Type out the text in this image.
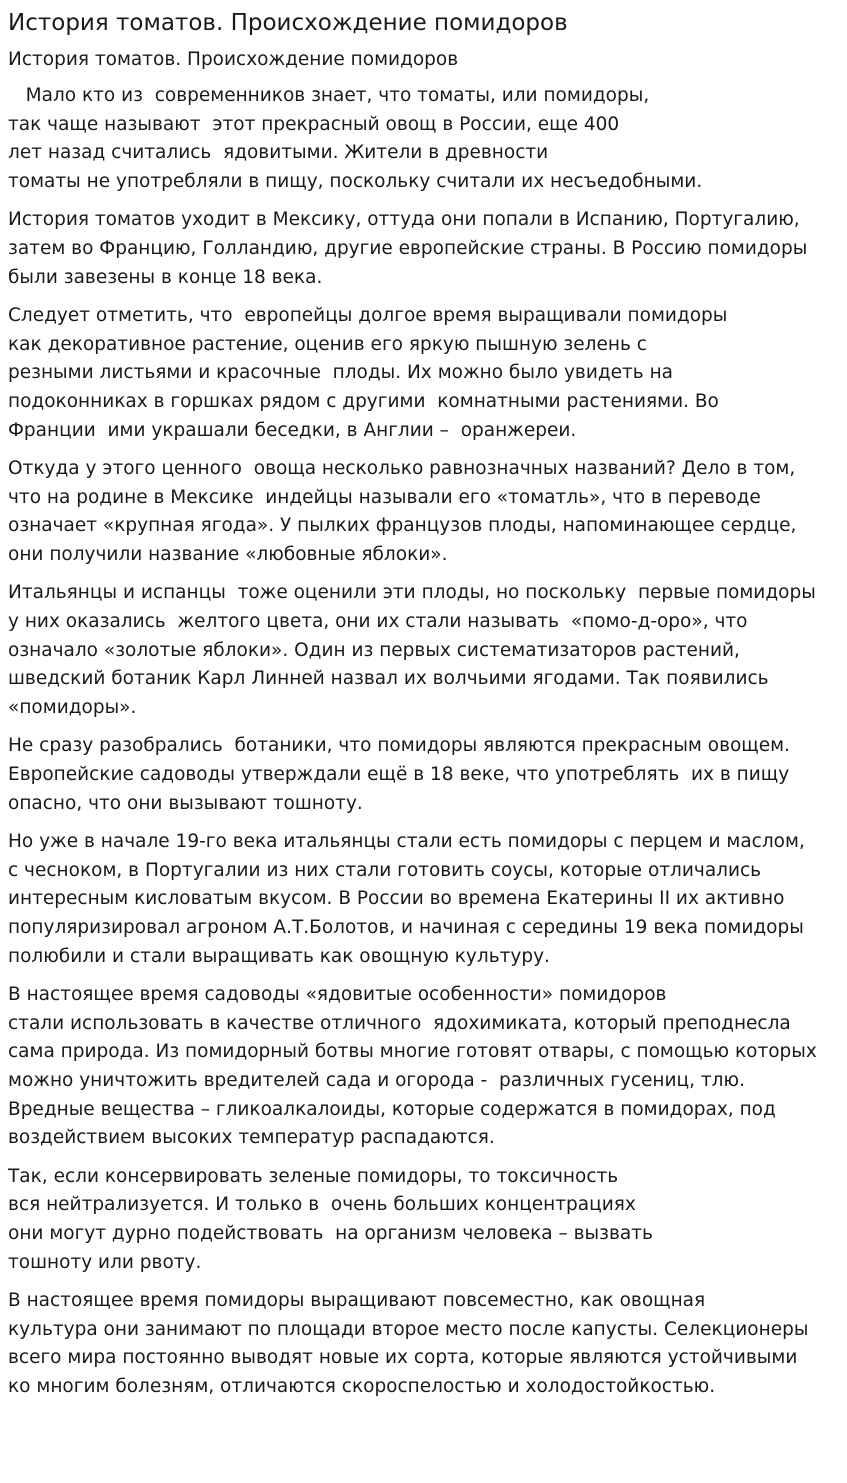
История томатов. Происхождение помидоров
История томатов. Происхождение помидоров

Мало кто из  современников знает, что томаты, или помидоры,
так чаще называют  этот прекрасный овощ в России, еще 400
лет назад считались  ядовитыми. Жители в древности
томаты не употребляли в пищу, поскольку считали их несъедобными.

История томатов уходит в Мексику, оттуда они попали в Испанию, Португалию,
затем во Францию, Голландию, другие европейские страны. В Россию помидоры
были завезены в конце 18 века.

Следует отметить, что  европейцы долгое время выращивали помидоры
как декоративное растение, оценив его яркую пышную зелень с
резными листьями и красочные  плоды. Их можно было увидеть на
подоконниках в горшках рядом с другими  комнатными растениями. Во
Франции  ими украшали беседки, в Англии –  оранжереи.

Откуда у этого ценного  овоща несколько равнозначных названий? Дело в том,
что на родине в Мексике  индейцы называли его «томатль», что в переводе
означает «крупная ягода». У пылких французов плоды, напоминающее сердце,
они получили название «любовные яблоки».

Итальянцы и испанцы  тоже оценили эти плоды, но поскольку  первые помидоры
у них оказались  желтого цвета, они их стали называть  «помо-д-оро», что
означало «золотые яблоки». Один из первых систематизаторов растений,
шведский ботаник Карл Линней назвал их волчьими ягодами. Так появились
«помидоры».

Не сразу разобрались  ботаники, что помидоры являются прекрасным овощем.
Европейские садоводы утверждали ещё в 18 веке, что употреблять  их в пищу
опасно, что они вызывают тошноту.

Но уже в начале 19-го века итальянцы стали есть помидоры с перцем и маслом,
с чесноком, в Португалии из них стали готовить соусы, которые отличались
интересным кисловатым вкусом. В России во времена Екатерины II их активно
популяризировал агроном А.Т.Болотов, и начиная с середины 19 века помидоры
полюбили и стали выращивать как овощную культуру.

В настоящее время садоводы «ядовитые особенности» помидоров
стали использовать в качестве отличного  ядохимиката, который преподнесла
сама природа. Из помидорный ботвы многие готовят отвары, с помощью которых
можно уничтожить вредителей сада и огорода -  различных гусениц, тлю.
Вредные вещества – гликоалкалоиды, которые содержатся в помидорах, под
воздействием высоких температур распадаются.

Так, если консервировать зеленые помидоры, то токсичность
вся нейтрализуется. И только в  очень больших концентрациях
они могут дурно подействовать  на организм человека – вызвать
тошноту или рвоту.

В настоящее время помидоры выращивают повсеместно, как овощная
культура они занимают по площади второе место после капусты. Селекционеры
всего мира постоянно выводят новые их сорта, которые являются устойчивыми
ко многим болезням, отличаются скороспелостью и холодостойкостью.
